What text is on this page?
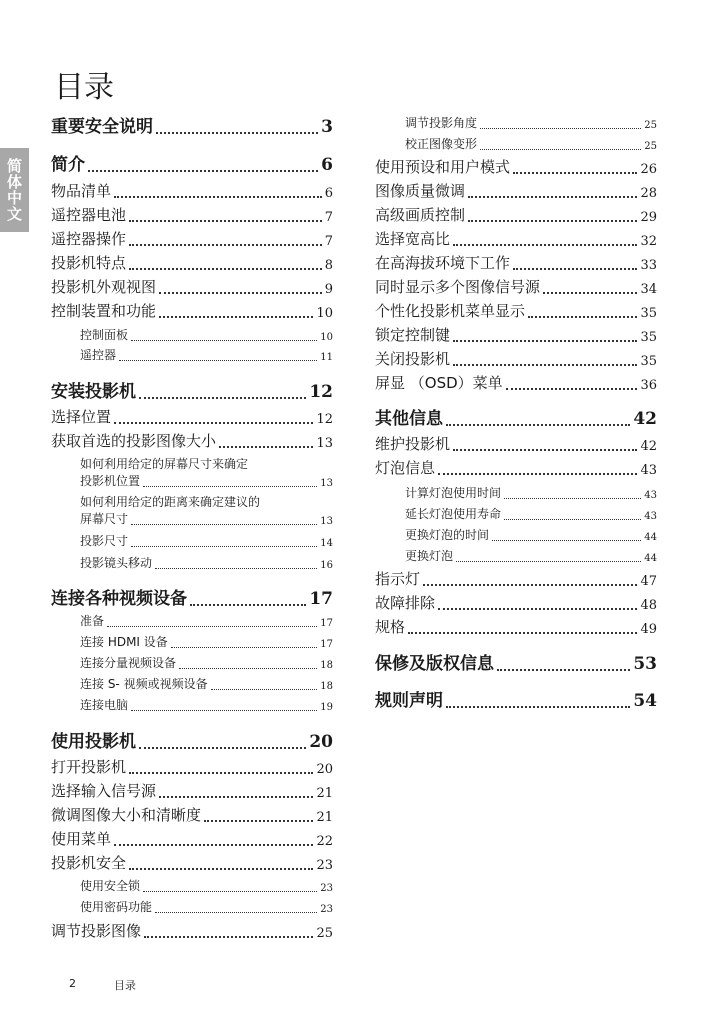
简体中文
目录
重要安全说明	3
简介	6
物品清单	6
遥控器电池	7
遥控器操作	7
投影机特点	8
投影机外观视图	9
控制装置和功能	10
控制面板	10
遥控器	11
安装投影机	12
选择位置	12
获取首选的投影图像大小	13
如何利用给定的屏幕尺寸来确定
投影机位置	13
如何利用给定的距离来确定建议的
屏幕尺寸	13
投影尺寸	14
投影镜头移动	16
连接各种视频设备	17
准备	17
连接 HDMI 设备	17
连接分量视频设备	18
连接 S- 视频或视频设备	18
连接电脑	19
使用投影机	20
打开投影机	20
选择输入信号源	21
微调图像大小和清晰度	21
使用菜单	22
投影机安全	23
使用安全锁	23
使用密码功能	23
调节投影图像	25
调节投影角度	25
校正图像变形	25
使用预设和用户模式	26
图像质量微调	28
高级画质控制	29
选择宽高比	32
在高海拔环境下工作	33
同时显示多个图像信号源	34
个性化投影机菜单显示	35
锁定控制键	35
关闭投影机	35
屏显 （OSD）菜单	36
其他信息	42
维护投影机	42
灯泡信息	43
计算灯泡使用时间	43
延长灯泡使用寿命	43
更换灯泡的时间	44
更换灯泡	44
指示灯	47
故障排除	48
规格	49
保修及版权信息	53
规则声明	54
2	目录
